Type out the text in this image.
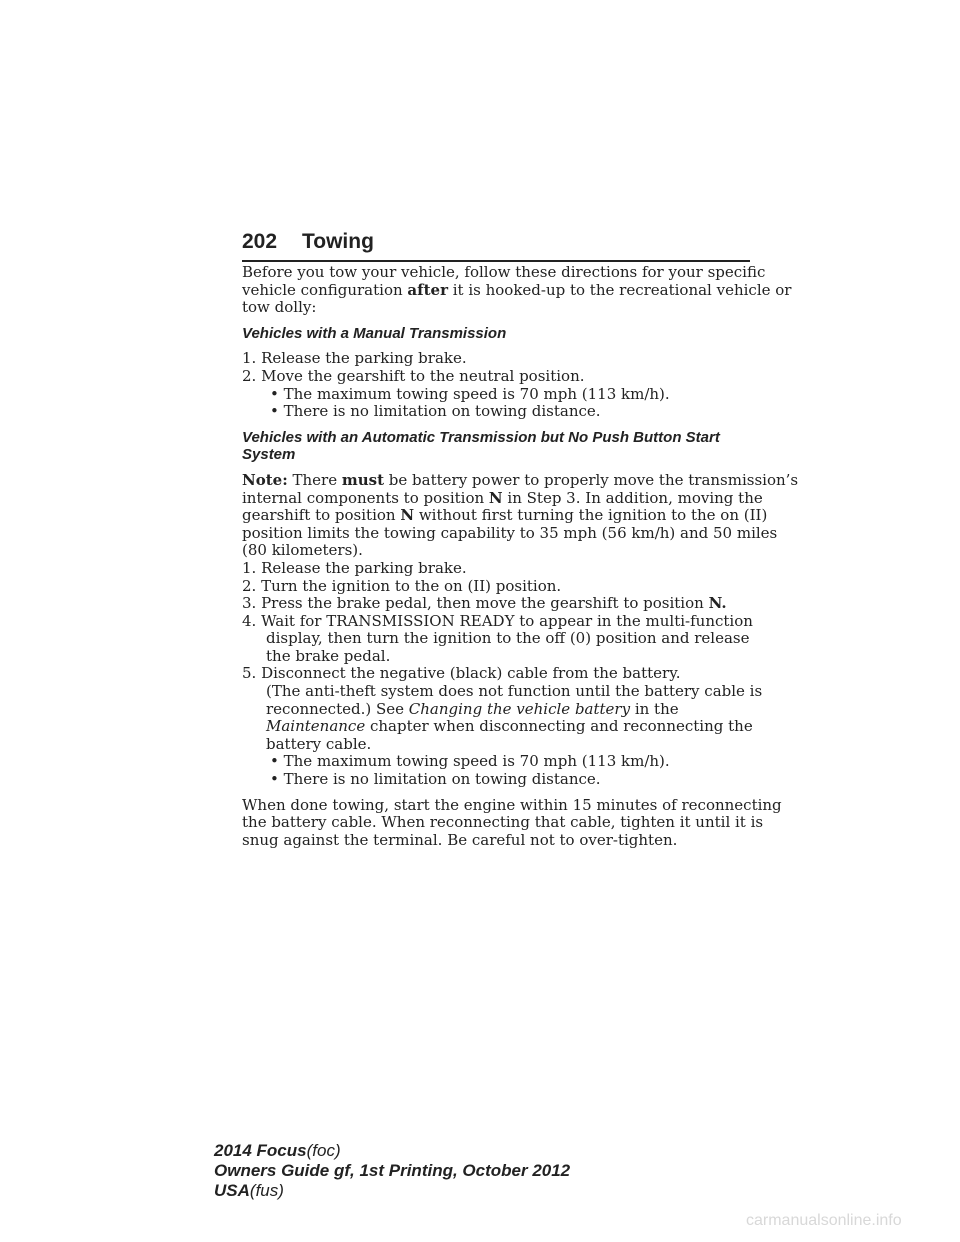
202 Towing
Before you tow your vehicle, follow these directions for your specific
vehicle configuration after it is hooked-up to the recreational vehicle or
tow dolly:
Vehicles with a Manual Transmission
1. Release the parking brake.
2. Move the gearshift to the neutral position.
• The maximum towing speed is 70 mph (113 km/h).
• There is no limitation on towing distance.
Vehicles with an Automatic Transmission but No Push Button Start
System
Note: There must be battery power to properly move the transmission’s
internal components to position N in Step 3. In addition, moving the
gearshift to position N without first turning the ignition to the on (II)
position limits the towing capability to 35 mph (56 km/h) and 50 miles
(80 kilometers).
1. Release the parking brake.
2. Turn the ignition to the on (II) position.
3. Press the brake pedal, then move the gearshift to position N.
4. Wait for TRANSMISSION READY to appear in the multi-function
display, then turn the ignition to the off (0) position and release
the brake pedal.
5. Disconnect the negative (black) cable from the battery.
(The anti-theft system does not function until the battery cable is
reconnected.) See Changing the vehicle battery in the
Maintenance chapter when disconnecting and reconnecting the
battery cable.
• The maximum towing speed is 70 mph (113 km/h).
• There is no limitation on towing distance.
When done towing, start the engine within 15 minutes of reconnecting
the battery cable. When reconnecting that cable, tighten it until it is
snug against the terminal. Be careful not to over-tighten.
2014 Focus(foc)
Owners Guide gf, 1st Printing, October 2012
USA(fus)
carmanualsonline.info
